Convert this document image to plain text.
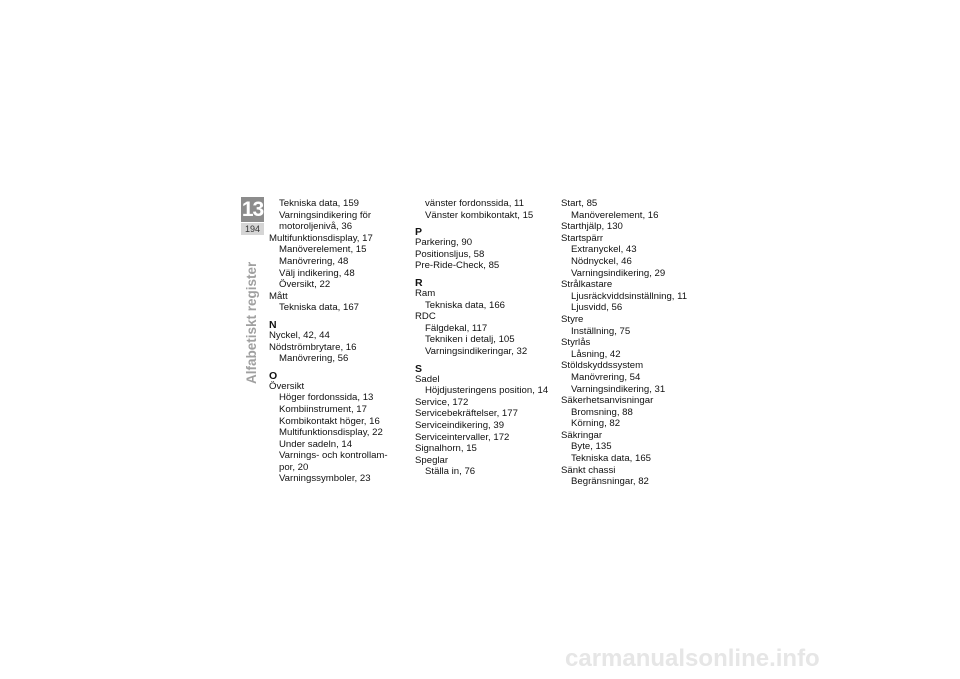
13
194
Alfabetiskt register
Tekniska data, 159
Varningsindikering för
motoroljenivå, 36
Multifunktionsdisplay, 17
Manöverelement, 15
Manövrering, 48
Välj indikering, 48
Översikt, 22
Mått
Tekniska data, 167
N
Nyckel, 42, 44
Nödströmbrytare, 16
Manövrering, 56
O
Översikt
Höger fordonssida, 13
Kombiinstrument, 17
Kombikontakt höger, 16
Multifunktionsdisplay, 22
Under sadeln, 14
Varnings- och kontrollam-
por, 20
Varningssymboler, 23
vänster fordonssida, 11
Vänster kombikontakt, 15
P
Parkering, 90
Positionsljus, 58
Pre-Ride-Check, 85
R
Ram
Tekniska data, 166
RDC
Fälgdekal, 117
Tekniken i detalj, 105
Varningsindikeringar, 32
S
Sadel
Höjdjusteringens position, 14
Service, 172
Servicebekräftelser, 177
Serviceindikering, 39
Serviceintervaller, 172
Signalhorn, 15
Speglar
Ställa in, 76
Start, 85
Manöverelement, 16
Starthjälp, 130
Startspärr
Extranyckel, 43
Nödnyckel, 46
Varningsindikering, 29
Strålkastare
Ljusräckviddsinställning, 11
Ljusvidd, 56
Styre
Inställning, 75
Styrlås
Låsning, 42
Stöldskyddssystem
Manövrering, 54
Varningsindikering, 31
Säkerhetsanvisningar
Bromsning, 88
Körning, 82
Säkringar
Byte, 135
Tekniska data, 165
Sänkt chassi
Begränsningar, 82
carmanualsonline.info
